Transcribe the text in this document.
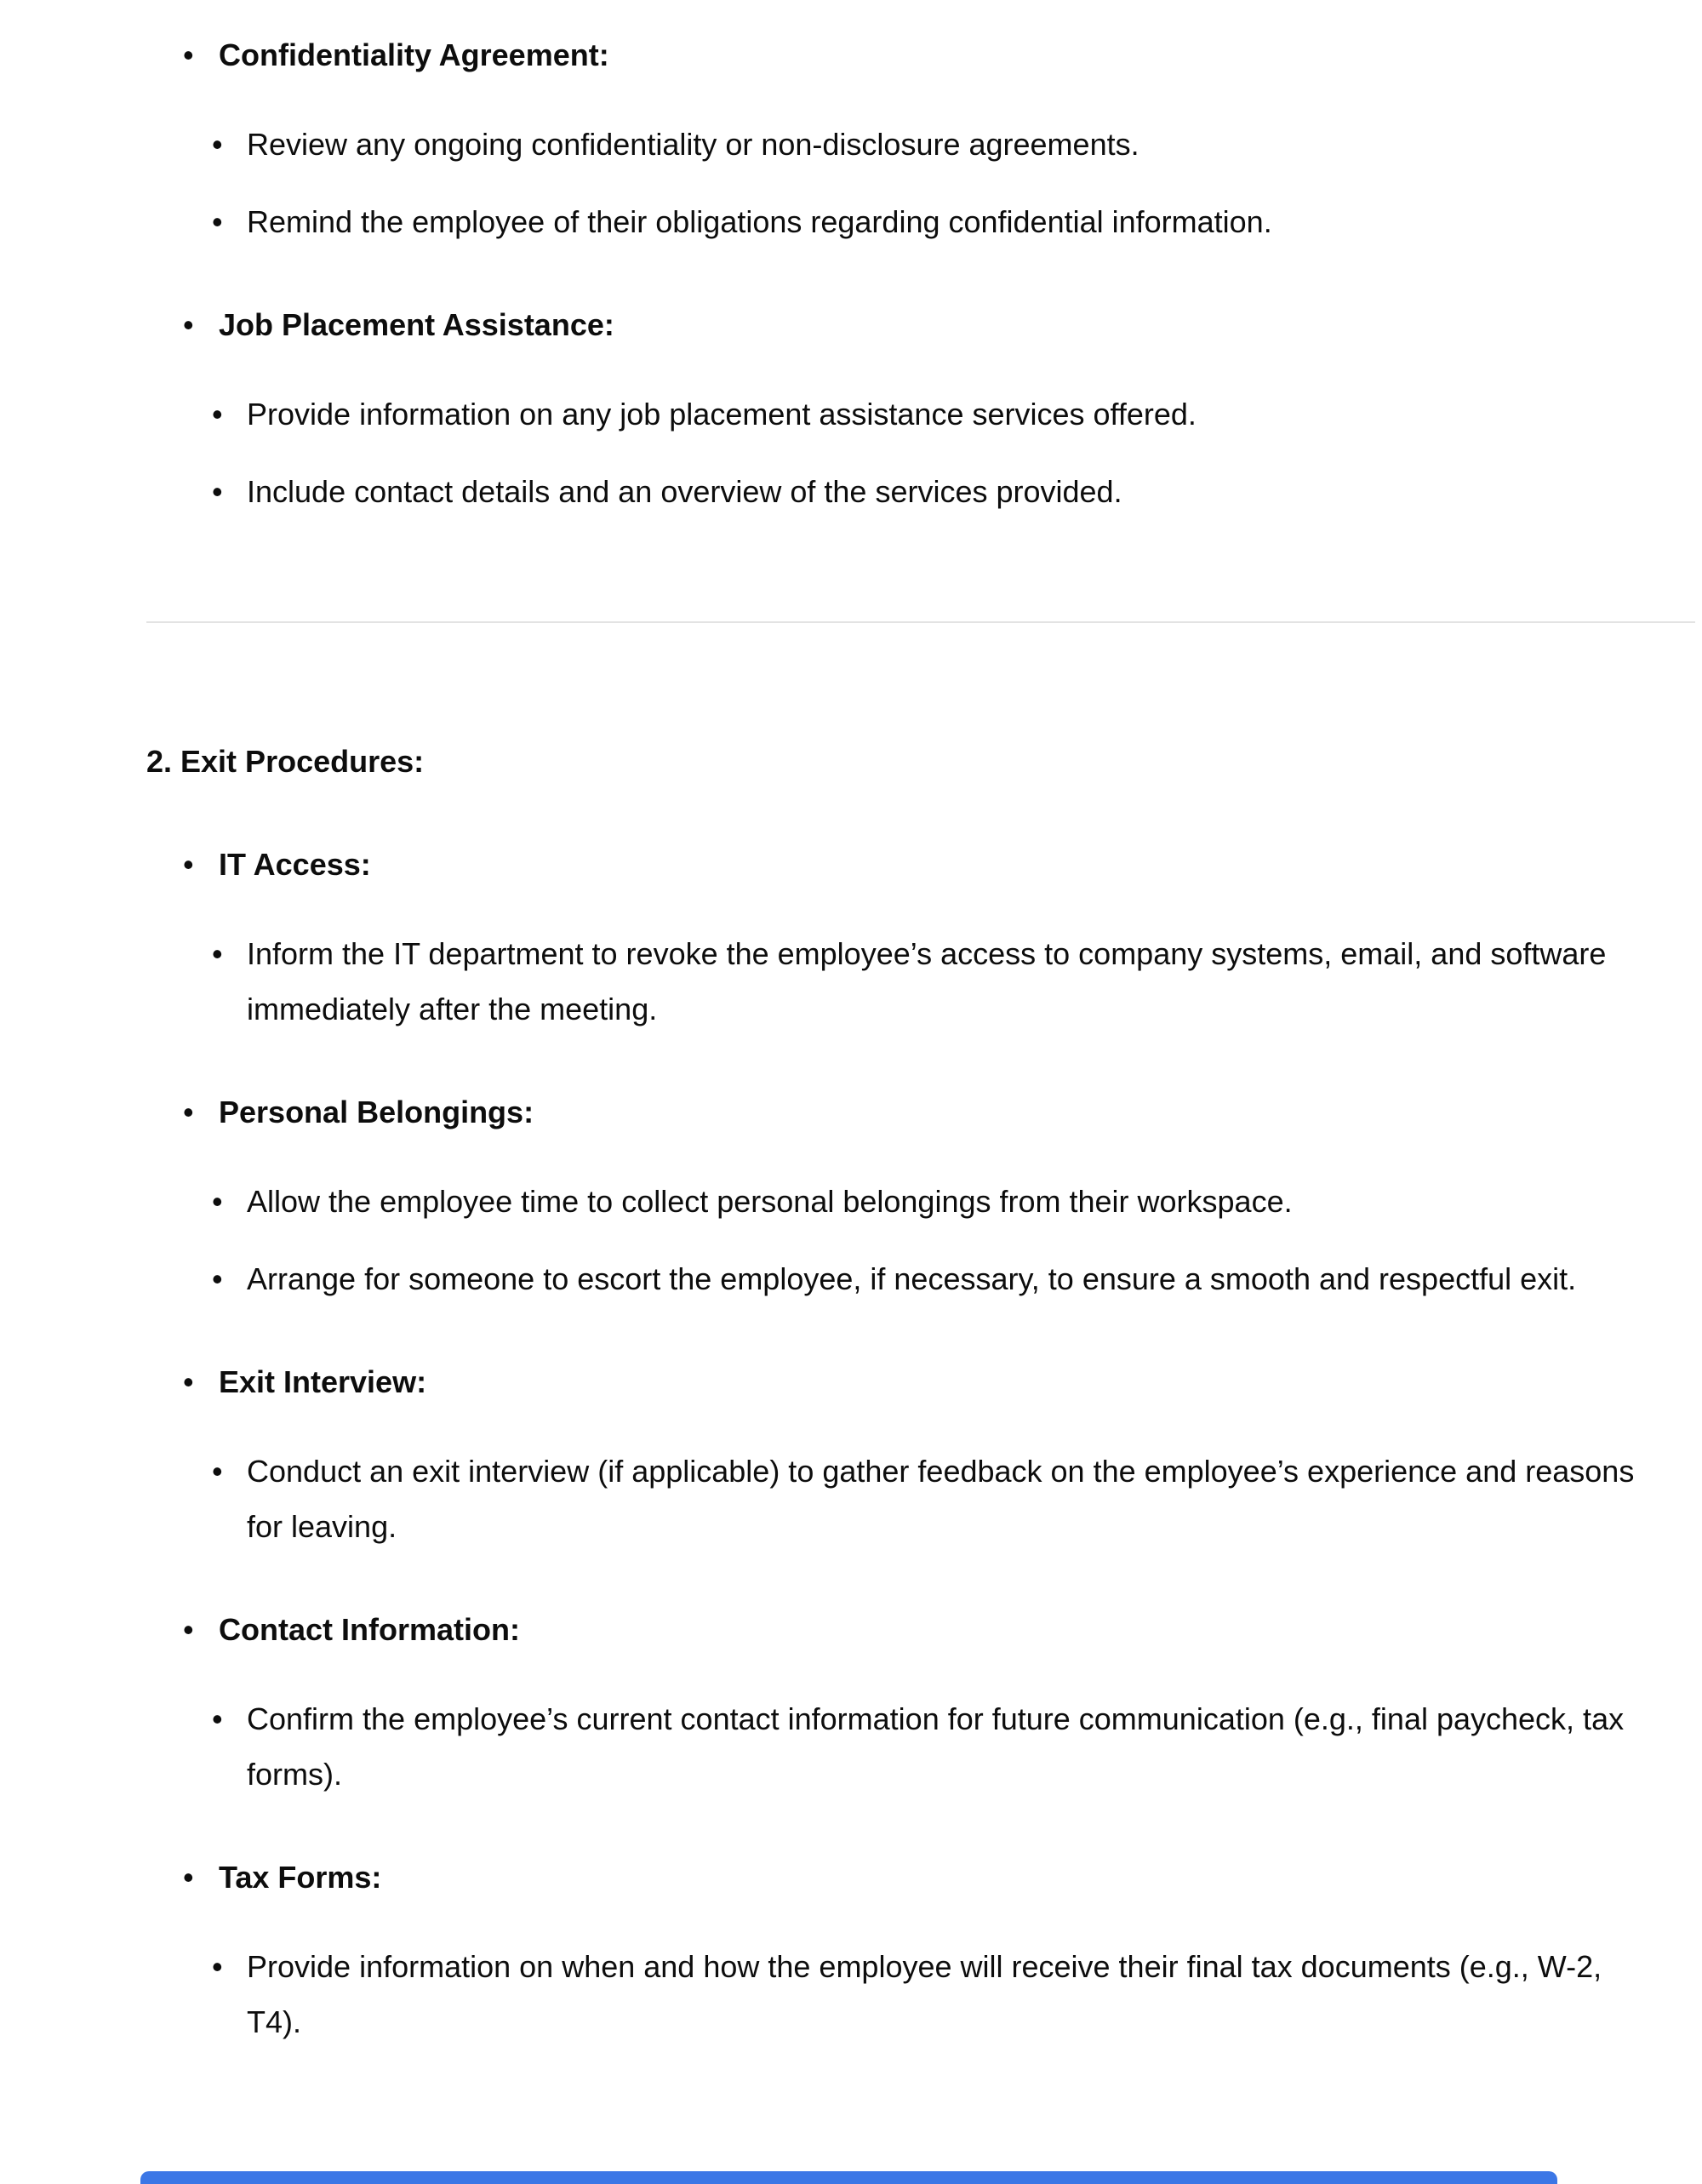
• Confidentiality Agreement:

• Review any ongoing confidentiality or non-disclosure agreements.

• Remind the employee of their obligations regarding confidential information.

• Job Placement Assistance:

• Provide information on any job placement assistance services offered.

• Include contact details and an overview of the services provided.

2. Exit Procedures:
• IT Access:

• Inform the IT department to revoke the employee’s access to company systems, email, and software immediately after the meeting.

• Personal Belongings:

• Allow the employee time to collect personal belongings from their workspace.

• Arrange for someone to escort the employee, if necessary, to ensure a smooth and respectful exit.

• Exit Interview:

• Conduct an exit interview (if applicable) to gather feedback on the employee’s experience and reasons for leaving.

• Contact Information:

• Confirm the employee’s current contact information for future communication (e.g., final paycheck, tax forms).

• Tax Forms:

• Provide information on when and how the employee will receive their final tax documents (e.g., W-2, T4).
